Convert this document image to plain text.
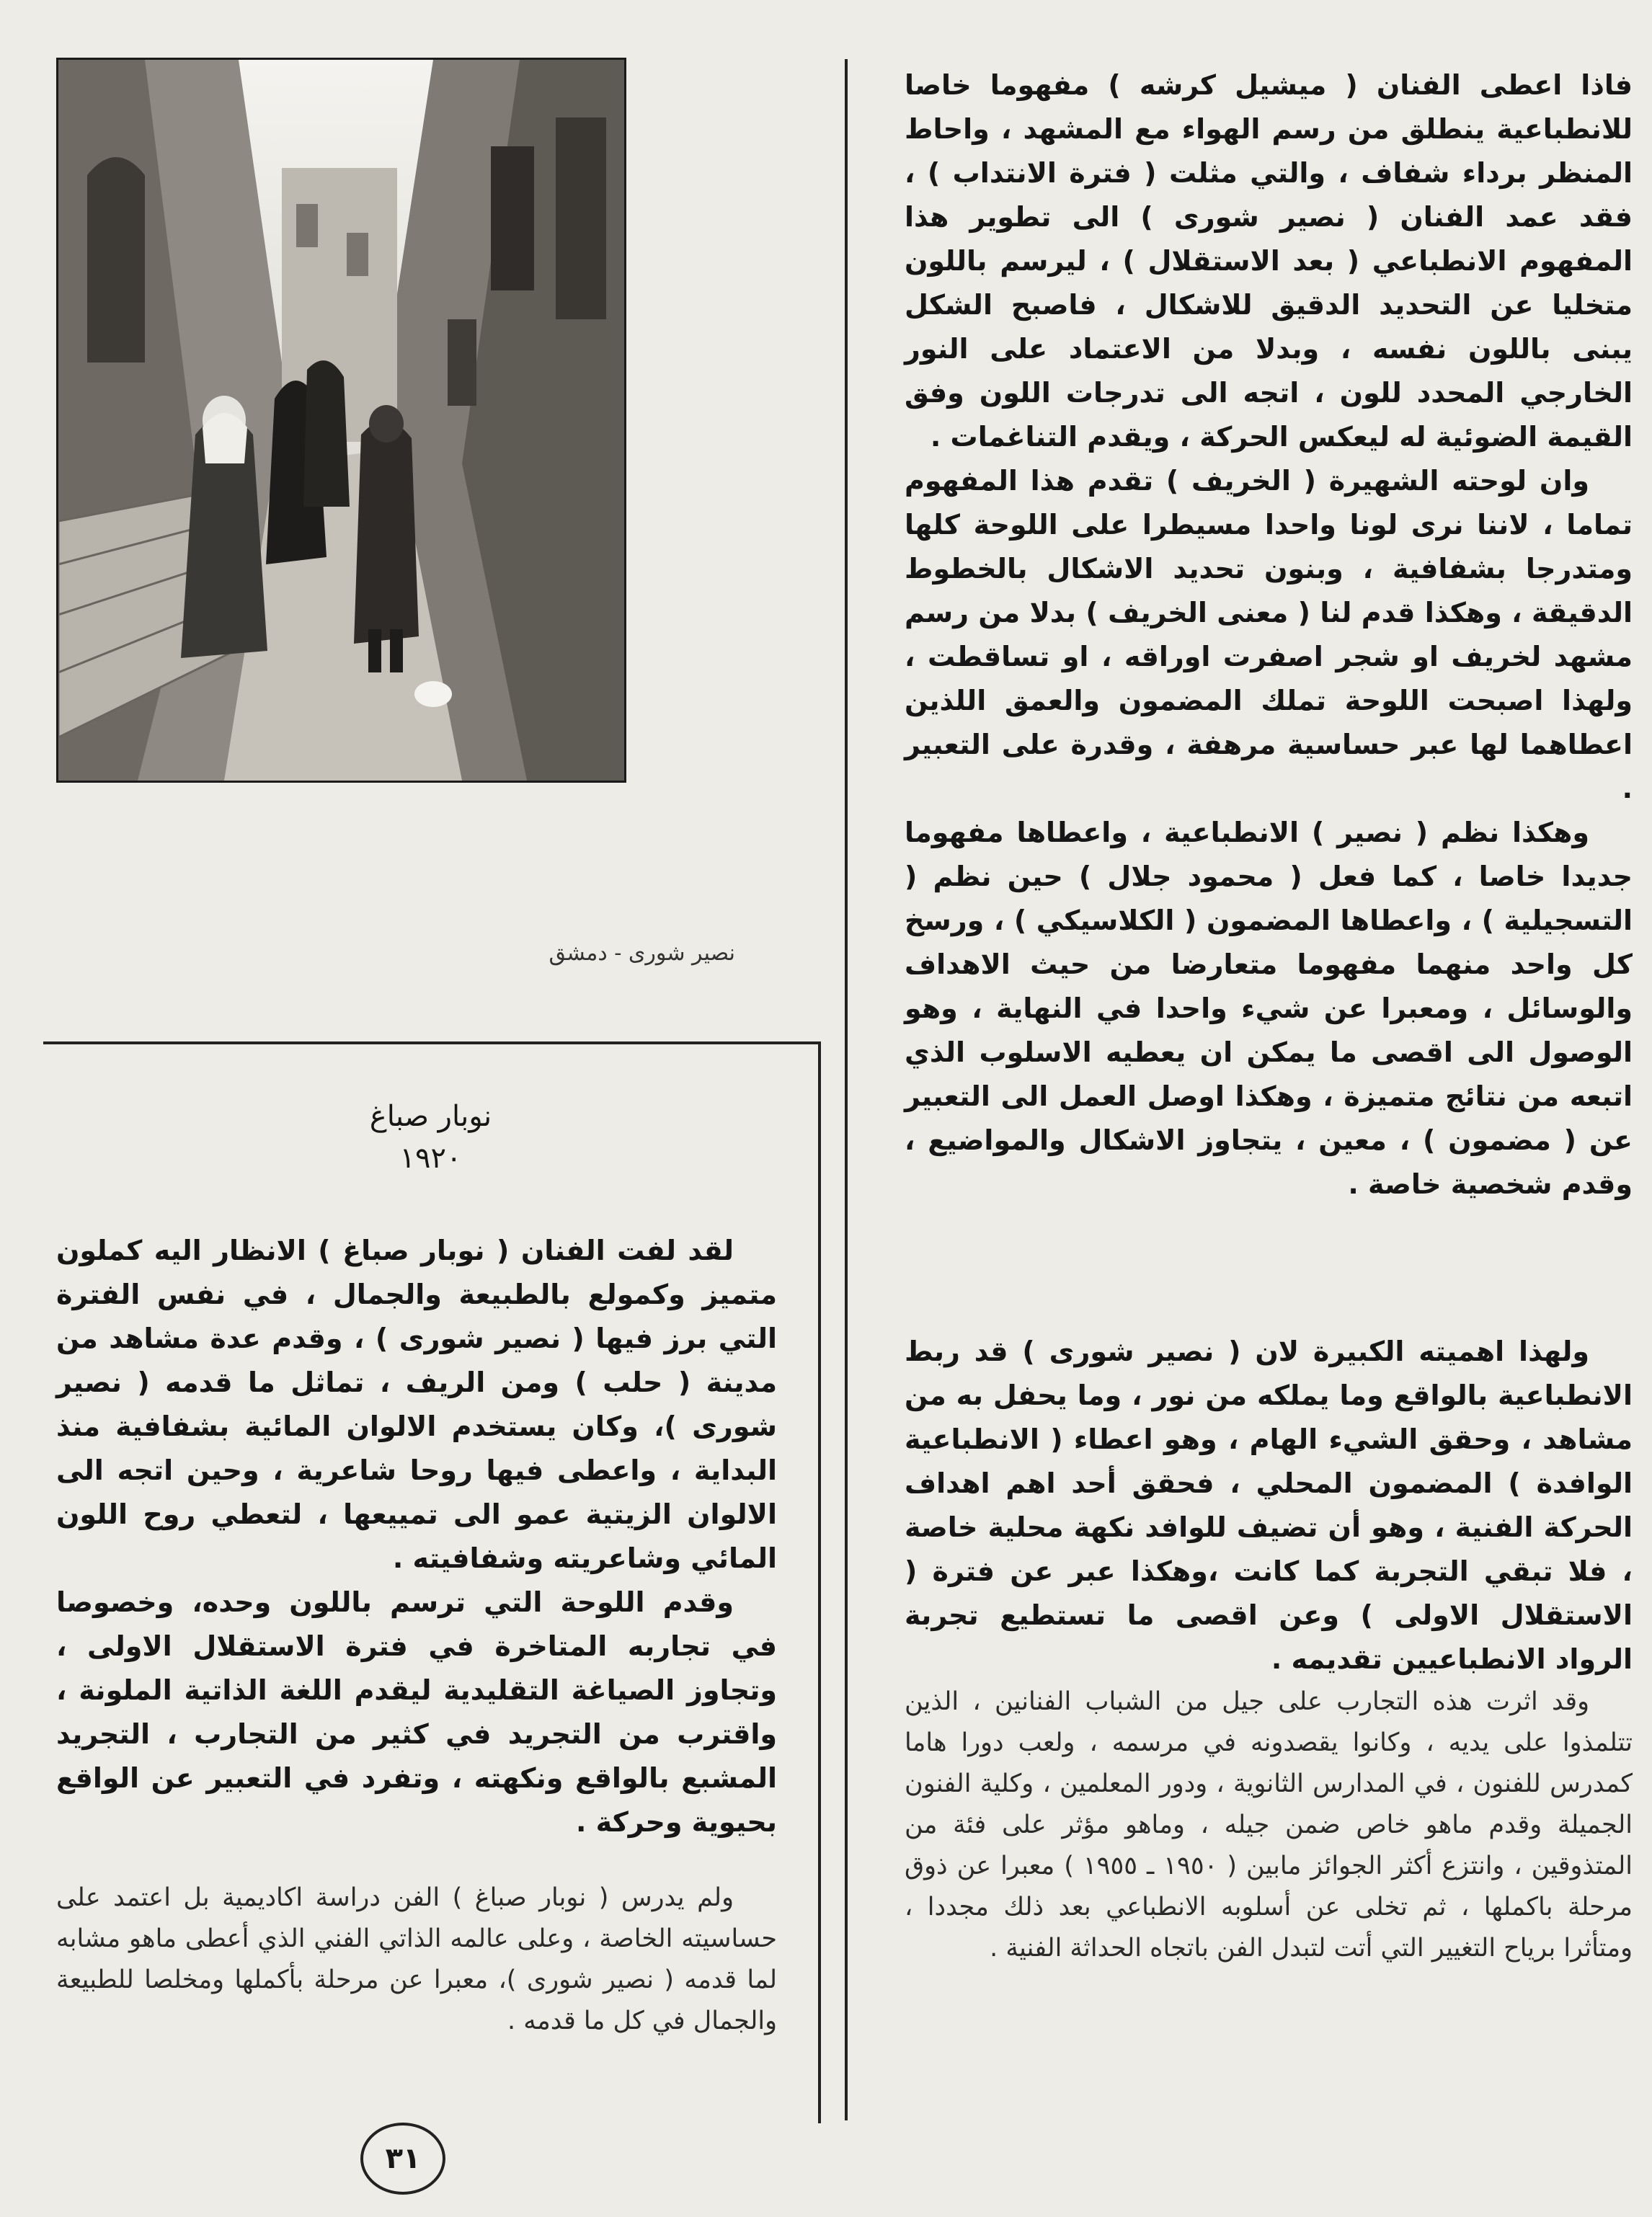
فاذا اعطى الفنان ( ميشيل كرشه ) مفهوما خاصا للانطباعية ينطلق من رسم الهواء مع المشهد ، واحاط المنظر برداء شفاف ، والتي مثلت ( فترة الانتداب ) ، فقد عمد الفنان ( نصير شورى ) الى تطوير هذا المفهوم الانطباعي ( بعد الاستقلال ) ، ليرسم باللون متخليا عن التحديد الدقيق للاشكال ، فاصبح الشكل يبنى باللون نفسه ، وبدلا من الاعتماد على النور الخارجي المحدد للون ، اتجه الى تدرجات اللون وفق القيمة الضوئية له ليعكس الحركة ، ويقدم التناغمات .

وان لوحته الشهيرة ( الخريف ) تقدم هذا المفهوم تماما ، لاننا نرى لونا واحدا مسيطرا على اللوحة كلها ومتدرجا بشفافية ، وبنون تحديد الاشكال بالخطوط الدقيقة ، وهكذا قدم لنا ( معنى الخريف ) بدلا من رسم مشهد لخريف او شجر اصفرت اوراقه ، او تساقطت ، ولهذا اصبحت اللوحة تملك المضمون والعمق اللذين اعطاهما لها عبر حساسية مرهفة ، وقدرة على التعبير .

وهكذا نظم ( نصير ) الانطباعية ، واعطاها مفهوما جديدا خاصا ، كما فعل ( محمود جلال ) حين نظم ( التسجيلية ) ، واعطاها المضمون ( الكلاسيكي ) ، ورسخ كل واحد منهما مفهوما متعارضا من حيث الاهداف والوسائل ، ومعبرا عن شيء واحدا في النهاية ، وهو الوصول الى اقصى ما يمكن ان يعطيه الاسلوب الذي اتبعه من نتائج متميزة ، وهكذا اوصل العمل الى التعبير عن ( مضمون ) ، معين ، يتجاوز الاشكال والمواضيع ، وقدم شخصية خاصة .

ولهذا اهميته الكبيرة لان ( نصير شورى ) قد ربط الانطباعية بالواقع وما يملكه من نور ، وما يحفل به من مشاهد ، وحقق الشيء الهام ، وهو اعطاء ( الانطباعية الوافدة ) المضمون المحلي ، فحقق أحد اهم اهداف الحركة الفنية ، وهو أن تضيف للوافد نكهة محلية خاصة ، فلا تبقي التجربة كما كانت ،وهكذا عبر عن فترة ( الاستقلال الاولى ) وعن اقصى ما تستطيع تجربة الرواد الانطباعيين تقديمه .

وقد اثرت هذه التجارب على جيل من الشباب الفنانين ، الذين تتلمذوا على يديه ، وكانوا يقصدونه في مرسمه ، ولعب دورا هاما كمدرس للفنون ، في المدارس الثانوية ، ودور المعلمين ، وكلية الفنون الجميلة وقدم ماهو خاص ضمن جيله ، وماهو مؤثر على فئة من المتذوقين ، وانتزع أكثر الجوائز مابين ( ١٩٥٠ ـ ١٩٥٥ ) معبرا عن ذوق مرحلة باكملها ، ثم تخلى عن أسلوبه الانطباعي بعد ذلك مجددا ، ومتأثرا برياح التغيير التي أتت لتبدل الفن باتجاه الحداثة الفنية .

نصير شورى - دمشق
نوبار صباغ
١٩٢٠

لقد لفت الفنان ( نوبار صباغ ) الانظار اليه كملون متميز وكمولع بالطبيعة والجمال ، في نفس الفترة التي برز فيها ( نصير شورى ) ، وقدم عدة مشاهد من مدينة ( حلب ) ومن الريف ، تماثل ما قدمه ( نصير شورى )، وكان يستخدم الالوان المائية بشفافية منذ البداية ، واعطى فيها روحا شاعرية ، وحين اتجه الى الالوان الزيتية عمو الى تمييعها ، لتعطي روح اللون المائي وشاعريته وشفافيته .

وقدم اللوحة التي ترسم باللون وحده، وخصوصا في تجاربه المتاخرة في فترة الاستقلال الاولى ، وتجاوز الصياغة التقليدية ليقدم اللغة الذاتية الملونة ، واقترب من التجريد في كثير من التجارب ، التجريد المشبع بالواقع ونكهته ، وتفرد في التعبير عن الواقع بحيوية وحركة .

ولم يدرس ( نوبار صباغ ) الفن دراسة اكاديمية بل اعتمد على حساسيته الخاصة ، وعلى عالمه الذاتي الفني الذي أعطى ماهو مشابه لما قدمه ( نصير شورى )، معبرا عن مرحلة بأكملها ومخلصا للطبيعة والجمال في كل ما قدمه .

٣١
